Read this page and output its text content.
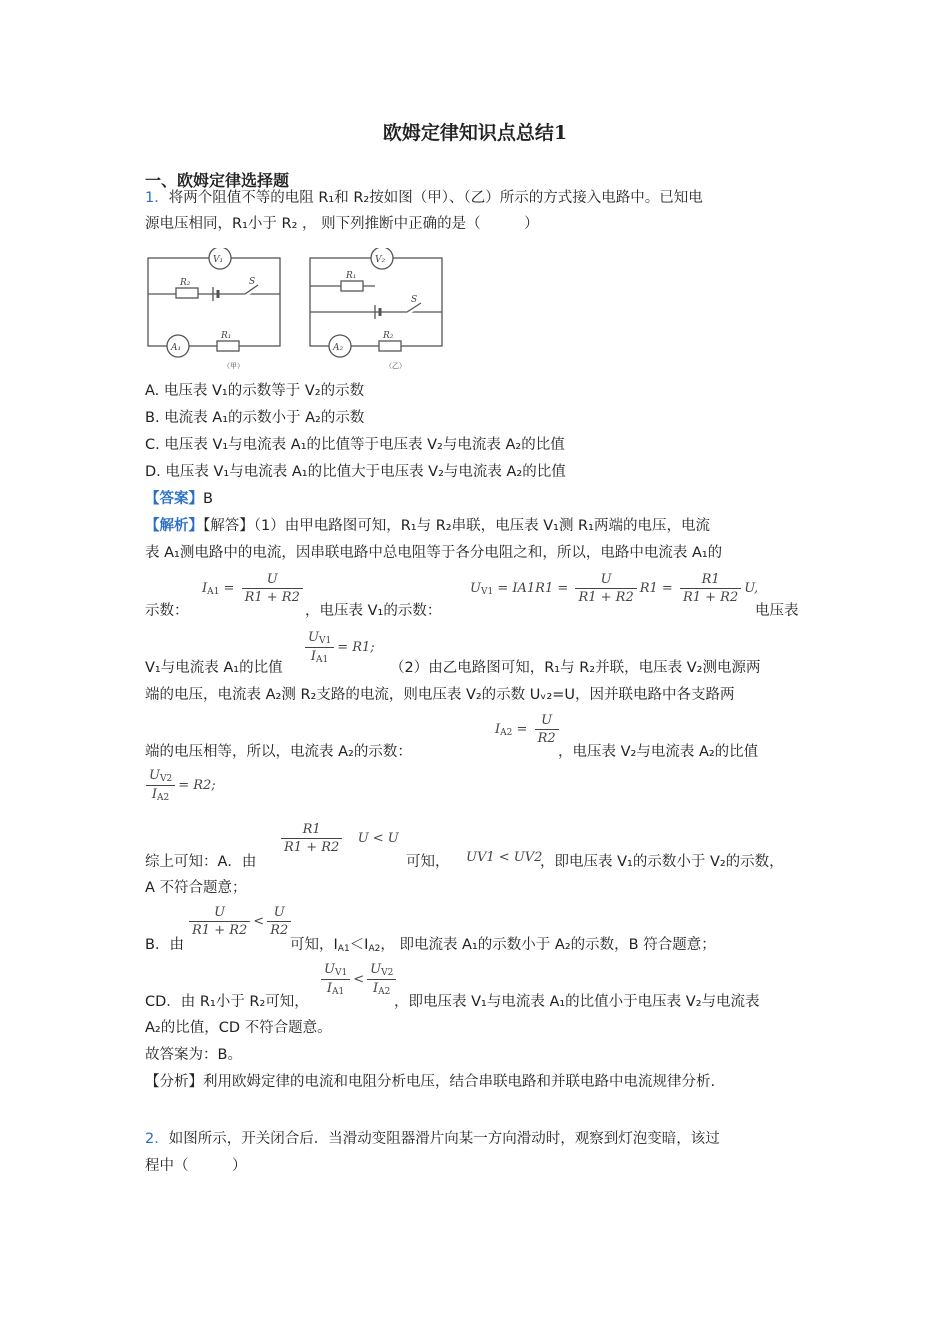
欧姆定律知识点总结1
一、欧姆定律选择题
1．将两个阻值不等的电阻 R₁和 R₂按如图（甲）、（乙）所示的方式接入电路中。已知电
源电压相同，R₁小于 R₂ ， 则下列推断中正确的是（　　　）
V₁
R₂	S
A₁
R₁
（甲）
V₂
R₁
S
A₂
R₂
（乙）
A. 电压表 V₁的示数等于 V₂的示数
B. 电流表 A₁的示数小于 A₂的示数
C. 电压表 V₁与电流表 A₁的比值等于电压表 V₂与电流表 A₂的比值
D. 电压表 V₁与电流表 A₁的比值大于电压表 V₂与电流表 A₂的比值
【答案】B
【解析】【解答】（1）由甲电路图可知，R₁与 R₂串联，电压表 V₁测 R₁两端的电压，电流
表 A₁测电路中的电流，因串联电路中总电阻等于各分电阻之和，所以，电路中电流表 A₁的
示数：
$I_{A1} = \frac{U}{R1 + R2}$
，电压表 V₁的示数：
$U_{V1} = IA1R1 = \frac{U}{R1 + R2} R1 = \frac{R1}{R1 + R2} U$,
电压表
V₁与电流表 A₁的比值
$\frac{U_{V1}}{I_{A1}} = R1$;
（2）由乙电路图可知，R₁与 R₂并联，电压表 V₂测电源两
端的电压，电流表 A₂测 R₂支路的电流，则电压表 V₂的示数 Uᵥ₂=U，因并联电路中各支路两
端的电压相等，所以，电流表 A₂的示数：
$I_{A2} = \frac{U}{R2}$
，电压表 V₂与电流表 A₂的比值
$\frac{U_{V2}}{I_{A2}} = R2$;
综上可知：A．由
$\frac{R1}{R1 + R2}$ U < U
可知， UV1 < UV2
，即电压表 V₁的示数小于 V₂的示数，
A 不符合题意；
B．由
$\frac{U}{R1 + R2} < \frac{U}{R2}$
可知，$I_{A1}<I_{A2}$， 即电流表 A₁的示数小于 A₂的示数，B 符合题意；
CD．由 R₁小于 R₂可知，
$\frac{U_{V1}}{I_{A1}} < \frac{U_{V2}}{I_{A2}}$
，即电压表 V₁与电流表 A₁的比值小于电压表 V₂与电流表
A₂的比值，CD 不符合题意。
故答案为：B。
【分析】利用欧姆定律的电流和电阻分析电压，结合串联电路和并联电路中电流规律分析.
2．如图所示，开关闭合后．当滑动变阻器滑片向某一方向滑动时，观察到灯泡变暗，该过
程中（　　　）
